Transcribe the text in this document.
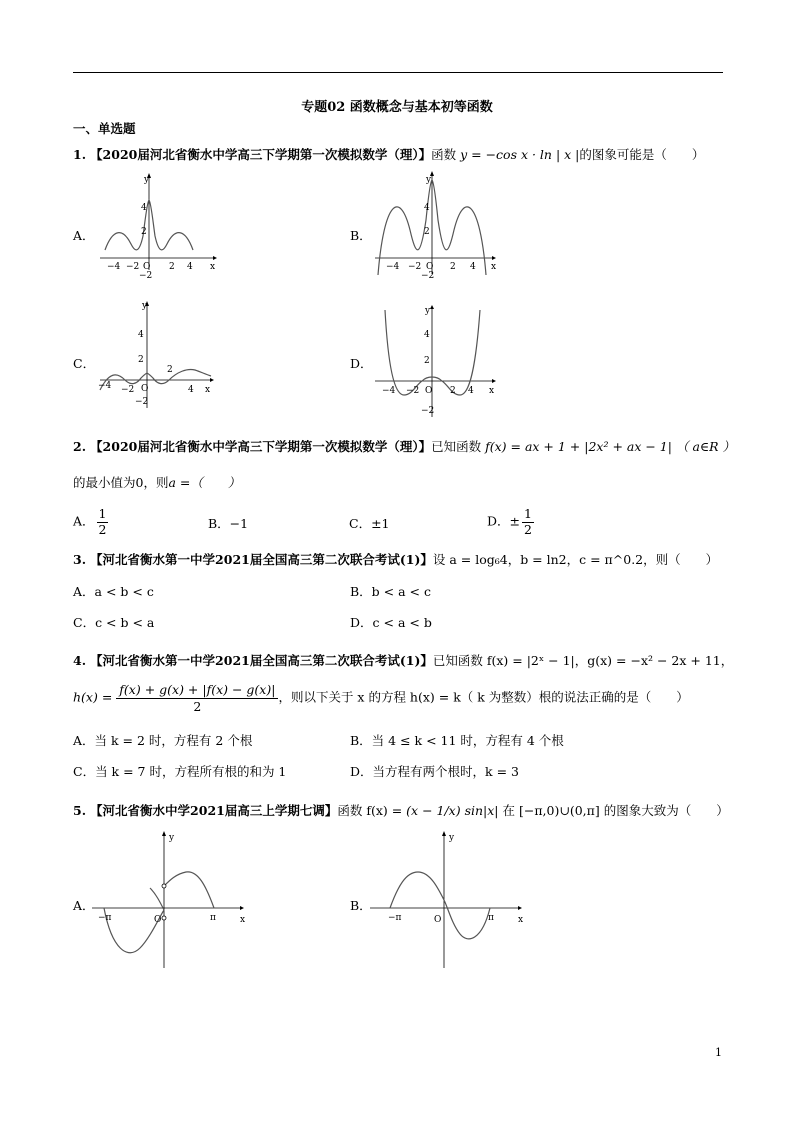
专题02 函数概念与基本初等函数
一、单选题
1. 【2020届河北省衡水中学高三下学期第一次模拟数学（理）】函数 y = −cos x · ln | x |的图象可能是（　　）
A．	B．
C．	D．
y
x
O
−4 −2	2 4
4
2
−2
y
x
O
−4 −2	2 4
4
2
−2
y
x
O
−4 −2
2
4
4
2
−2
y
x
O
−4 −2	2 4
4
2
−2
2. 【2020届河北省衡水中学高三下学期第一次模拟数学（理）】已知函数 f(x) = ax + 1 + |2x² + ax − 1| （ a∈R ）
的最小值为0，则a =（　　）
A． $\frac{1}{2}$	B．−1	C．±1	D．± $\frac{1}{2}$
3. 【河北省衡水第一中学2021届全国高三第二次联合考试(1)】设 a = log₆4，b = ln2，c = π^0.2，则（　　）
A．a < b < c	B．b < a < c
C．c < b < a	D．c < a < b
4. 【河北省衡水第一中学2021届全国高三第二次联合考试(1)】已知函数 f(x) = |2ˣ − 1|，g(x) = −x² − 2x + 11，
$h(x) = \frac{f(x) + g(x) + |f(x) - g(x)|}{2}$ ，则以下关于 x 的方程 h(x) = k（ k 为整数）根的说法正确的是（　　）
A．当 k = 2 时，方程有 2 个根	B．当 4 ≤ k < 11 时，方程有 4 个根
C．当 k = 7 时，方程所有根的和为 1	D．当方程有两个根时，k = 3
5. 【河北省衡水中学2021届高三上学期七调】函数 f(x) = (x − 1/x) sin|x| 在 [−π,0)∪(0,π] 的图象大致为（　　）
A．	B．
y
x
O
−π	π
y
x
O
−π	π
1
